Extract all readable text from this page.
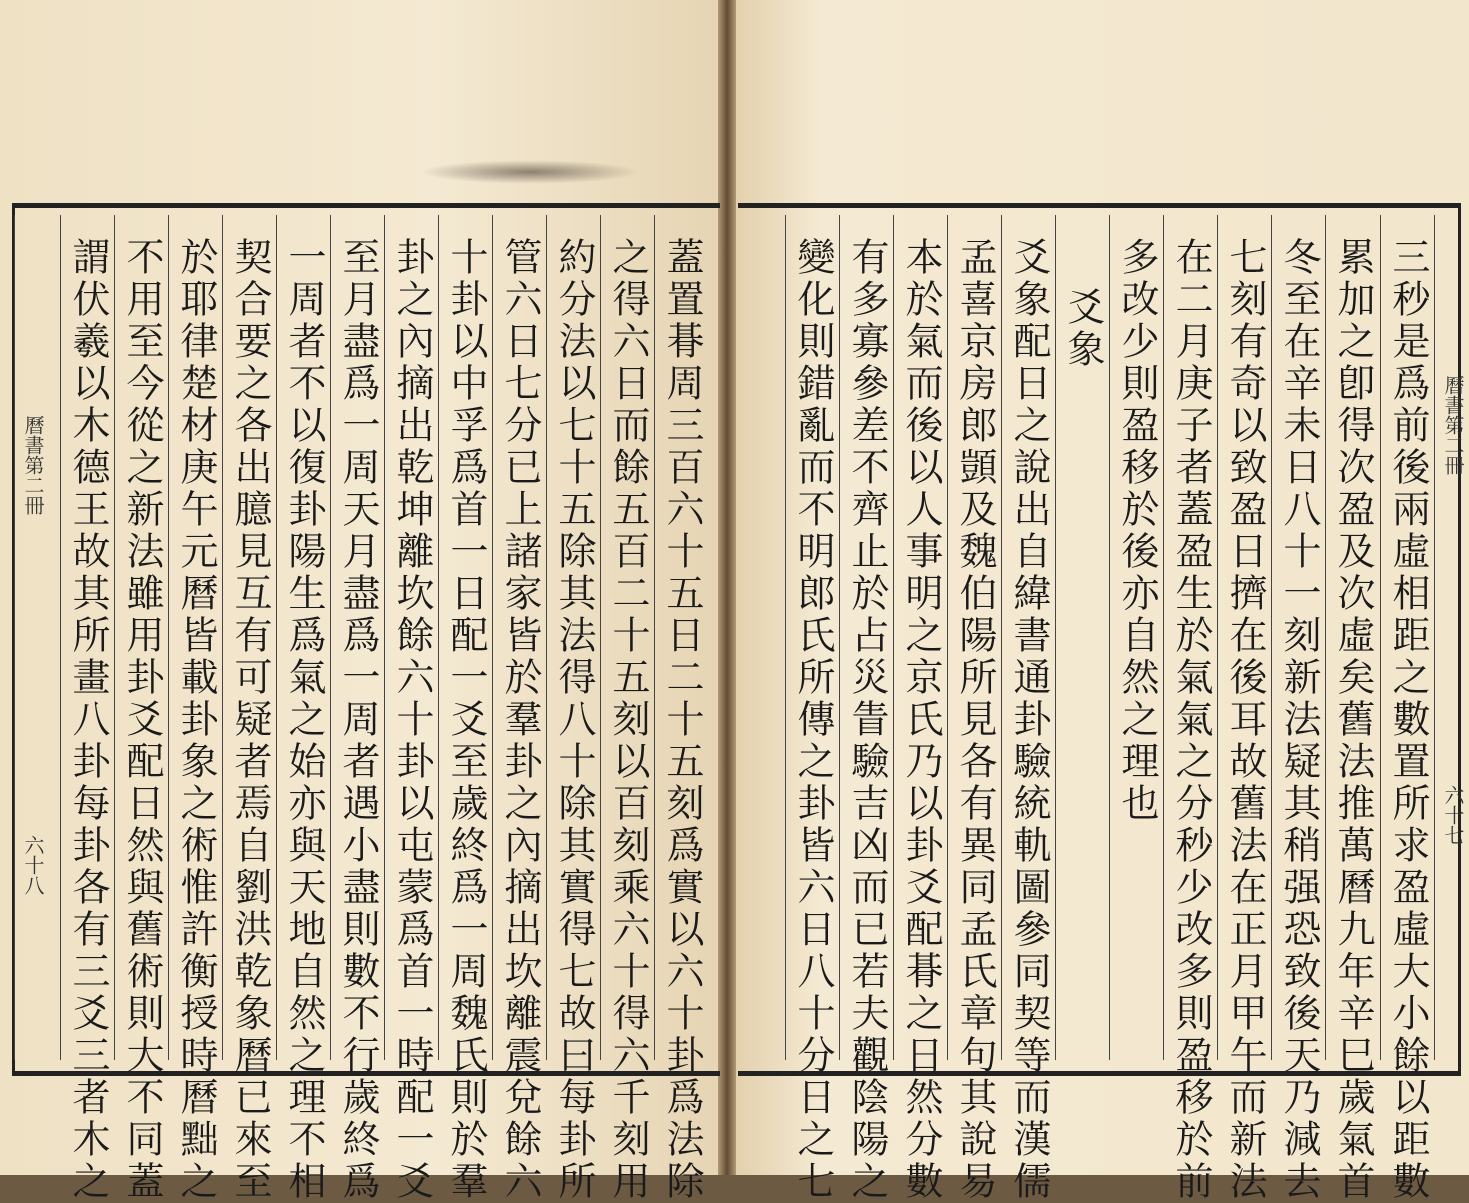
三秒是爲前後兩虛相距之數置所求盈虛大小餘以距數
累加之卽得次盈及次虛矣舊法推萬曆九年辛巳歲氣首
冬至在辛未日八十一刻新法疑其稍强恐致後天乃減去
七刻有奇以致盈日擠在後耳故舊法在正月甲午而新法
在二月庚子者蓋盈生於氣氣之分秒少改多則盈移於前
多改少則盈移於後亦自然之理也
爻象
爻象配日之說出自緯書通卦驗統軌圖參同契等而漢儒
孟喜京房郎顗及魏伯陽所見各有異同孟氏章句其說易
本於氣而後以人事明之京氏乃以卦爻配朞之日然分數
有多寡參差不齊止於占災眚驗吉凶而已若夫觀陰陽之
變化則錯亂而不明郎氏所傳之卦皆六日八十分日之七	曆書第二冊
六十七
曆書第二冊
六十八	蓋置朞周三百六十五日二十五刻爲實以六十卦爲法除
之得六日而餘五百二十五刻以百刻乘六十得六千刻用
約分法以七十五除其法得八十除其實得七故曰每卦所
管六日七分已上諸家皆於羣卦之內摘出坎離震兌餘六
十卦以中孚爲首一日配一爻至歲終爲一周魏氏則於羣
卦之內摘出乾坤離坎餘六十卦以屯蒙爲首一時配一爻
至月盡爲一周天月盡爲一周者遇小盡則數不行歲終爲
一周者不以復卦陽生爲氣之始亦與天地自然之理不相
契合要之各出臆見互有可疑者焉自劉洪乾象曆已來至
於耶律楚材庚午元曆皆載卦象之術惟許衡授時曆黜之
不用至今從之新法雖用卦爻配日然與舊術則大不同蓋
謂伏羲以木德王故其所畫八卦每卦各有三爻三者木之
